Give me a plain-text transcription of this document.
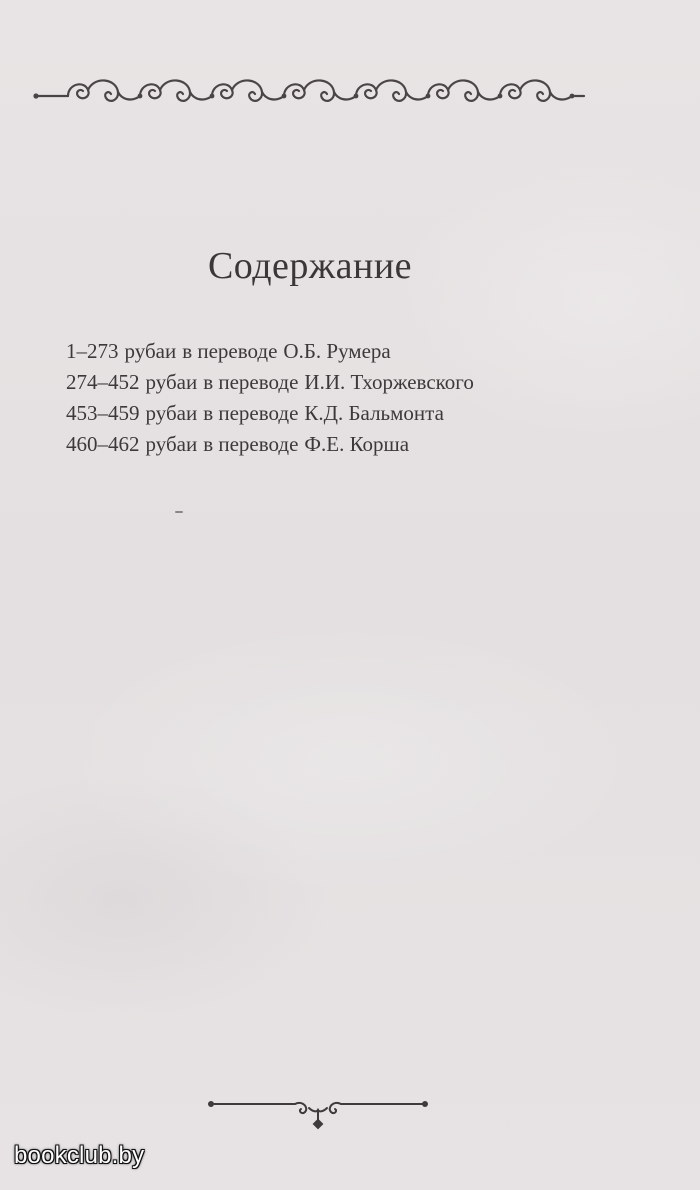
Содержание
1–273 рубаи в переводе О.Б. Румера
274–452 рубаи в переводе И.И. Тхоржевского
453–459 рубаи в переводе К.Д. Бальмонта
460–462 рубаи в переводе Ф.Е. Корша
bookclub.by
